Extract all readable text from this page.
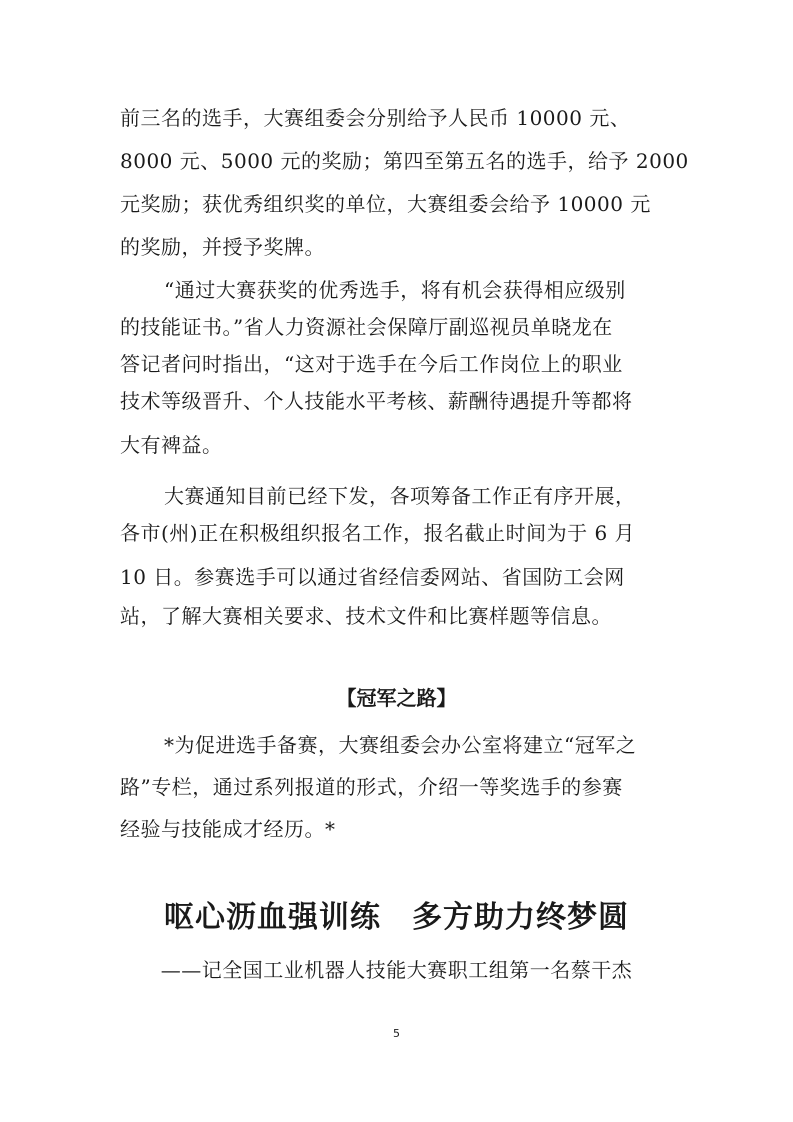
前三名的选手，大赛组委会分别给予人民币 10000 元、
8000 元、5000 元的奖励；第四至第五名的选手，给予 2000
元奖励；获优秀组织奖的单位，大赛组委会给予 10000 元
的奖励，并授予奖牌。
“通过大赛获奖的优秀选手，将有机会获得相应级别
的技能证书。”省人力资源社会保障厅副巡视员单晓龙在
答记者问时指出，“这对于选手在今后工作岗位上的职业
技术等级晋升、个人技能水平考核、薪酬待遇提升等都将
大有裨益。
大赛通知目前已经下发，各项筹备工作正有序开展，
各市(州)正在积极组织报名工作，报名截止时间为于 6 月
10 日。参赛选手可以通过省经信委网站、省国防工会网
站，了解大赛相关要求、技术文件和比赛样题等信息。
【冠军之路】
*为促进选手备赛，大赛组委会办公室将建立“冠军之
路”专栏，通过系列报道的形式，介绍一等奖选手的参赛
经验与技能成才经历。*
呕心沥血强训练　多方助力终梦圆
——记全国工业机器人技能大赛职工组第一名蔡干杰
5
